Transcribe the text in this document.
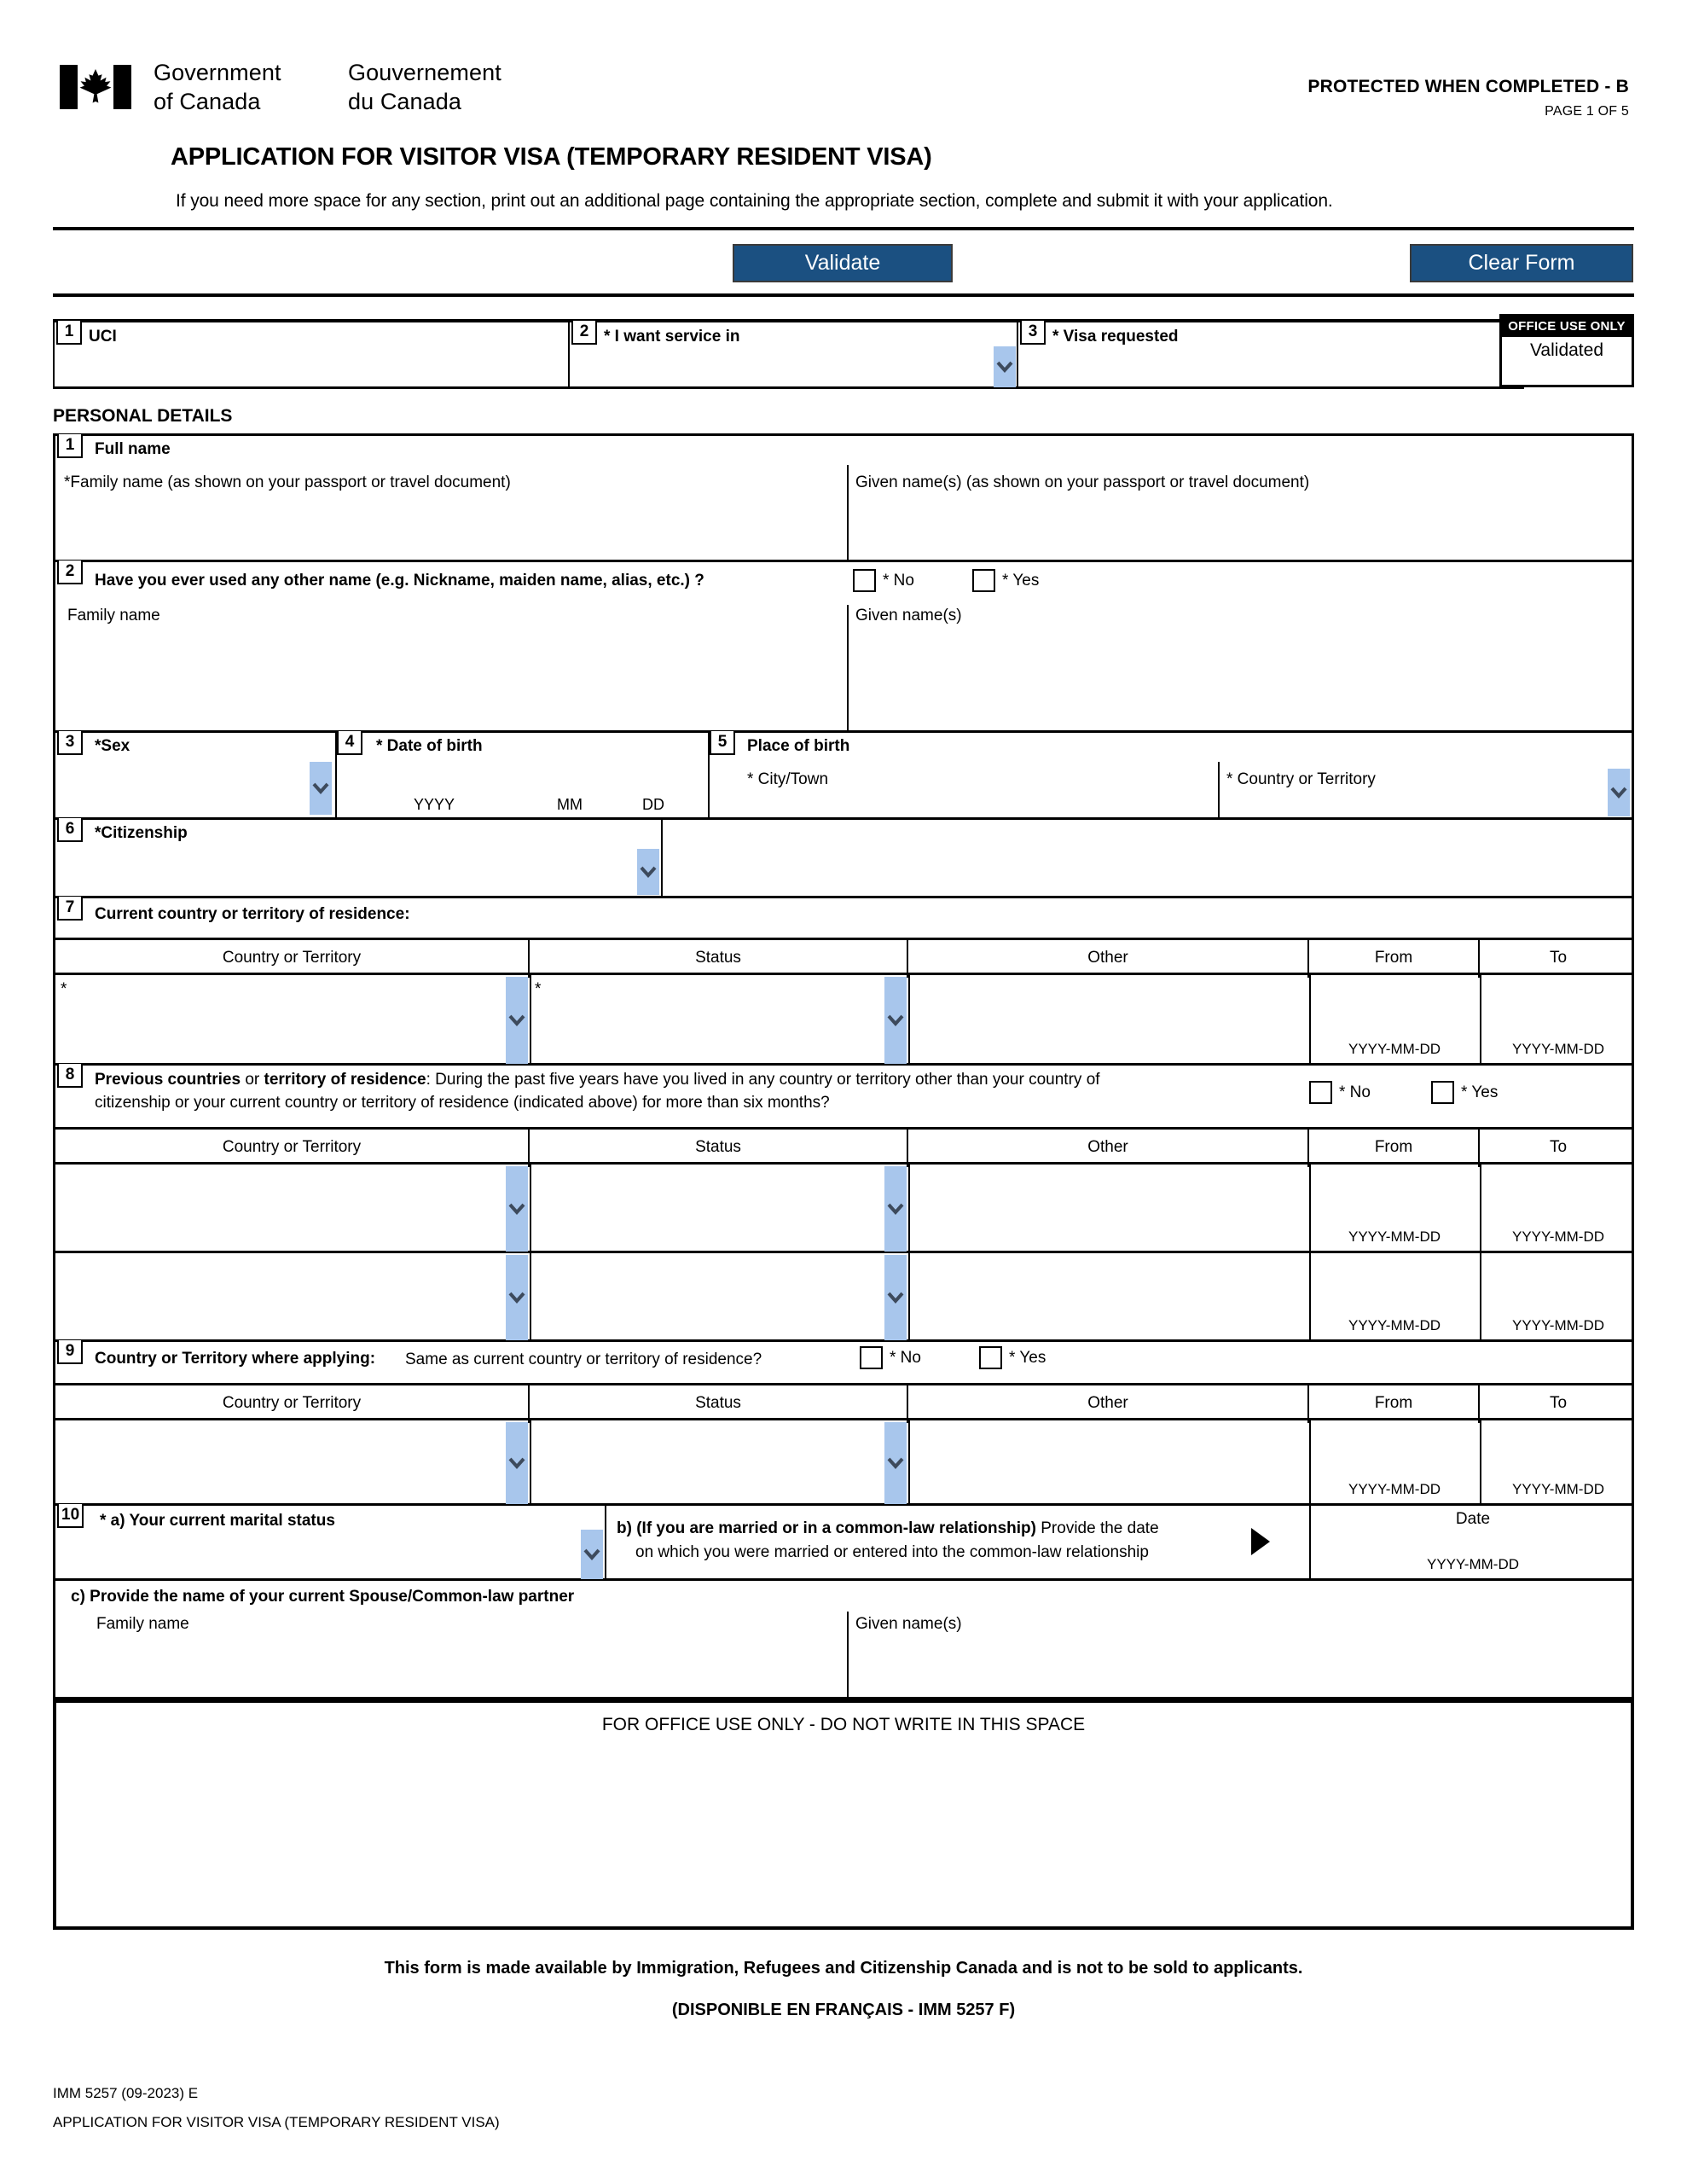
Government
of Canada
Gouvernement
du Canada
PROTECTED WHEN COMPLETED - B
PAGE 1 OF 5
APPLICATION FOR VISITOR VISA (TEMPORARY RESIDENT VISA)
If you need more space for any section, print out an additional page containing the appropriate section, complete and submit it with your application.
Validate	Clear Form
1 UCI	2 * I want service in	3 * Visa requested
OFFICE USE ONLY
Validated
PERSONAL DETAILS
1	Full name
*Family name (as shown on your passport or travel document)	Given name(s) (as shown on your passport or travel document)
2
Have you ever used any other name (e.g. Nickname, maiden name, alias, etc.) ?	* No	* Yes
Family name	Given name(s)
3	*Sex	4	* Date of birth
YYYY	MM	DD
5	Place of birth
* City/Town	* Country or Territory
6	*Citizenship
7	Current country or territory of residence:
Country or Territory	Status	Other	From	To
*	*
YYYY-MM-DD	YYYY-MM-DD
8	Previous countries or territory of residence: During the past five years have you lived in any country or territory other than your country of
citizenship or your current country or territory of residence (indicated above) for more than six months?
* No	* Yes
Country or Territory	Status	Other	From	To
YYYY-MM-DD	YYYY-MM-DD
YYYY-MM-DD	YYYY-MM-DD
9	Country or Territory where applying: Same as current country or territory of residence?	* No	* Yes
Country or Territory	Status	Other	From	To
YYYY-MM-DD	YYYY-MM-DD
10 * a) Your current marital status	b) (If you are married or in a common-law relationship) Provide the date
on which you were married or entered into the common-law relationship
Date
YYYY-MM-DD
c) Provide the name of your current Spouse/Common-law partner
Family name	Given name(s)
FOR OFFICE USE ONLY - DO NOT WRITE IN THIS SPACE
This form is made available by Immigration, Refugees and Citizenship Canada and is not to be sold to applicants.
(DISPONIBLE EN FRANÇAIS - IMM 5257 F)
IMM 5257 (09-2023) E
APPLICATION FOR VISITOR VISA (TEMPORARY RESIDENT VISA)
